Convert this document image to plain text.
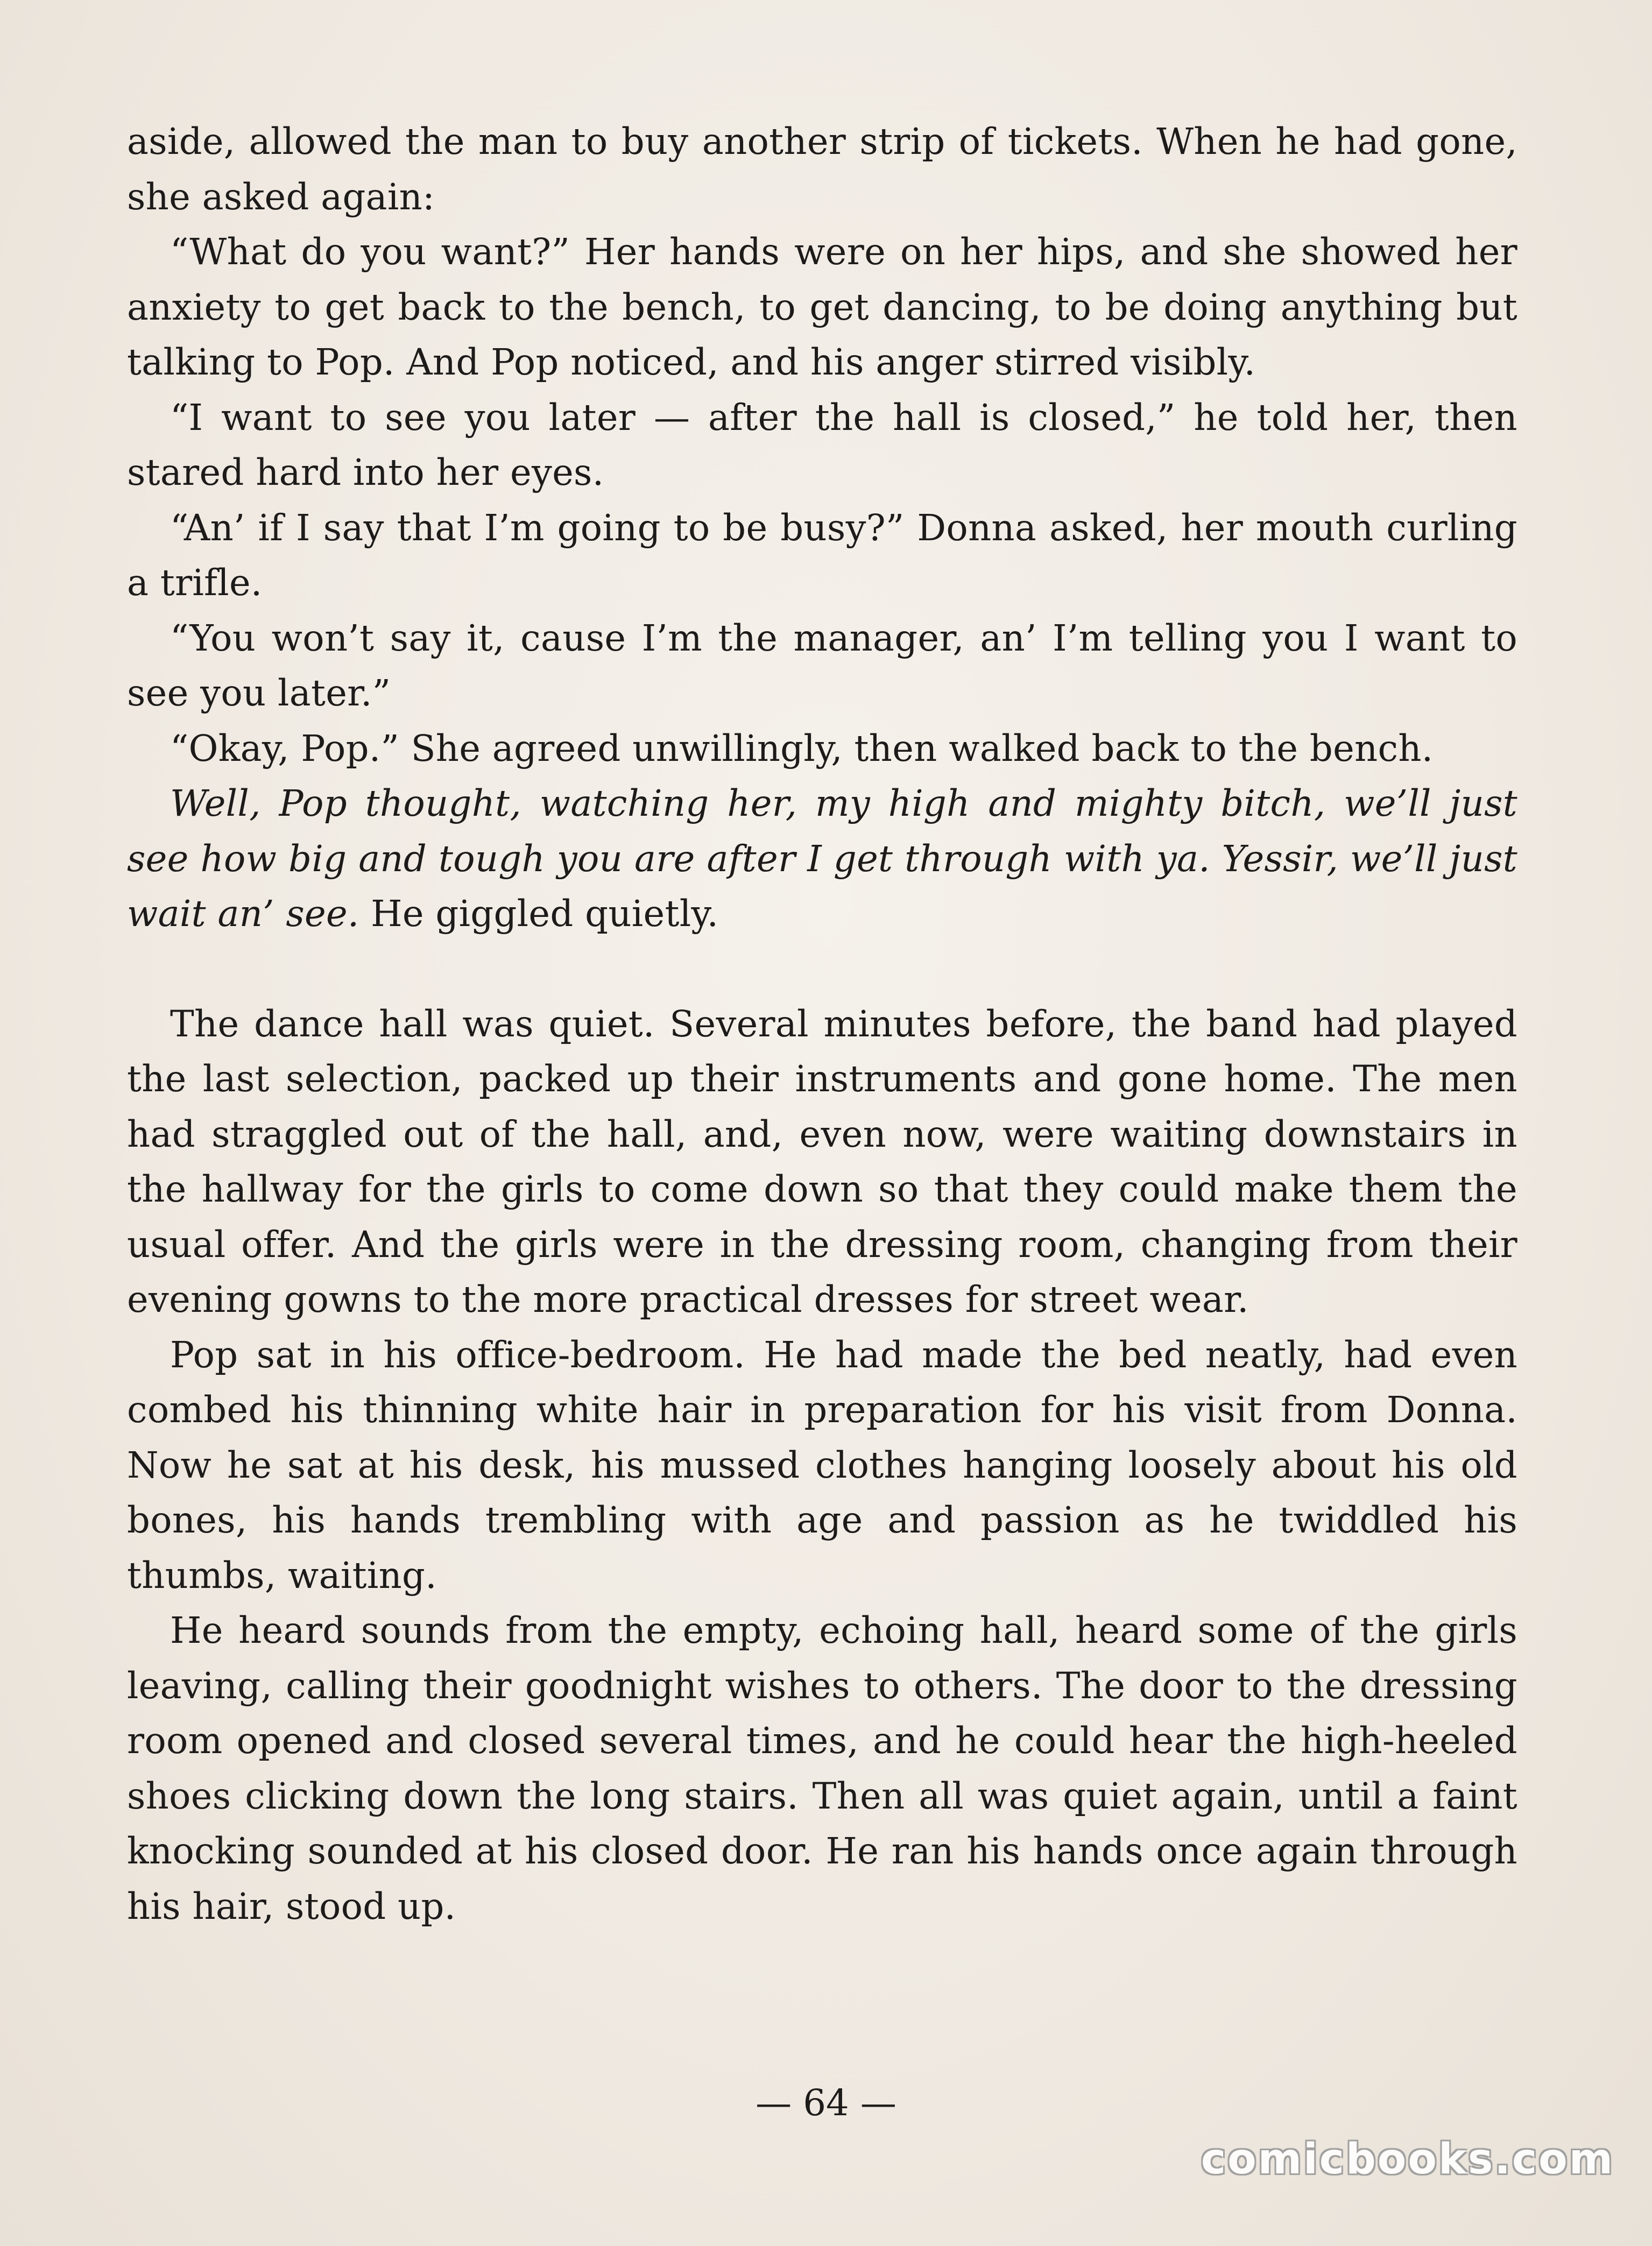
aside, allowed the man to buy another strip of tickets. When he had gone, she asked again:

“What do you want?” Her hands were on her hips, and she showed her anxiety to get back to the bench, to get dancing, to be doing anything but talking to Pop. And Pop noticed, and his anger stirred visibly.

“I want to see you later — after the hall is closed,” he told her, then stared hard into her eyes.

“An’ if I say that I’m going to be busy?” Donna asked, her mouth curling a trifle.

“You won’t say it, cause I’m the manager, an’ I’m telling you I want to see you later.”

“Okay, Pop.” She agreed unwillingly, then walked back to the bench.

Well, Pop thought, watching her, my high and mighty bitch, we’ll just see how big and tough you are after I get through with ya. Yessir, we’ll just wait an’ see. He giggled quietly.

The dance hall was quiet. Several minutes before, the band had played the last selection, packed up their instruments and gone home. The men had straggled out of the hall, and, even now, were waiting downstairs in the hallway for the girls to come down so that they could make them the usual offer. And the girls were in the dressing room, changing from their evening gowns to the more practical dresses for street wear.

Pop sat in his office-bedroom. He had made the bed neatly, had even combed his thinning white hair in preparation for his visit from Donna. Now he sat at his desk, his mussed clothes hanging loosely about his old bones, his hands trembling with age and passion as he twiddled his thumbs, waiting.

He heard sounds from the empty, echoing hall, heard some of the girls leaving, calling their goodnight wishes to others. The door to the dressing room opened and closed several times, and he could hear the high-heeled shoes clicking down the long stairs. Then all was quiet again, until a faint knocking sounded at his closed door. He ran his hands once again through his hair, stood up.

— 64 —
comicbooks.com
